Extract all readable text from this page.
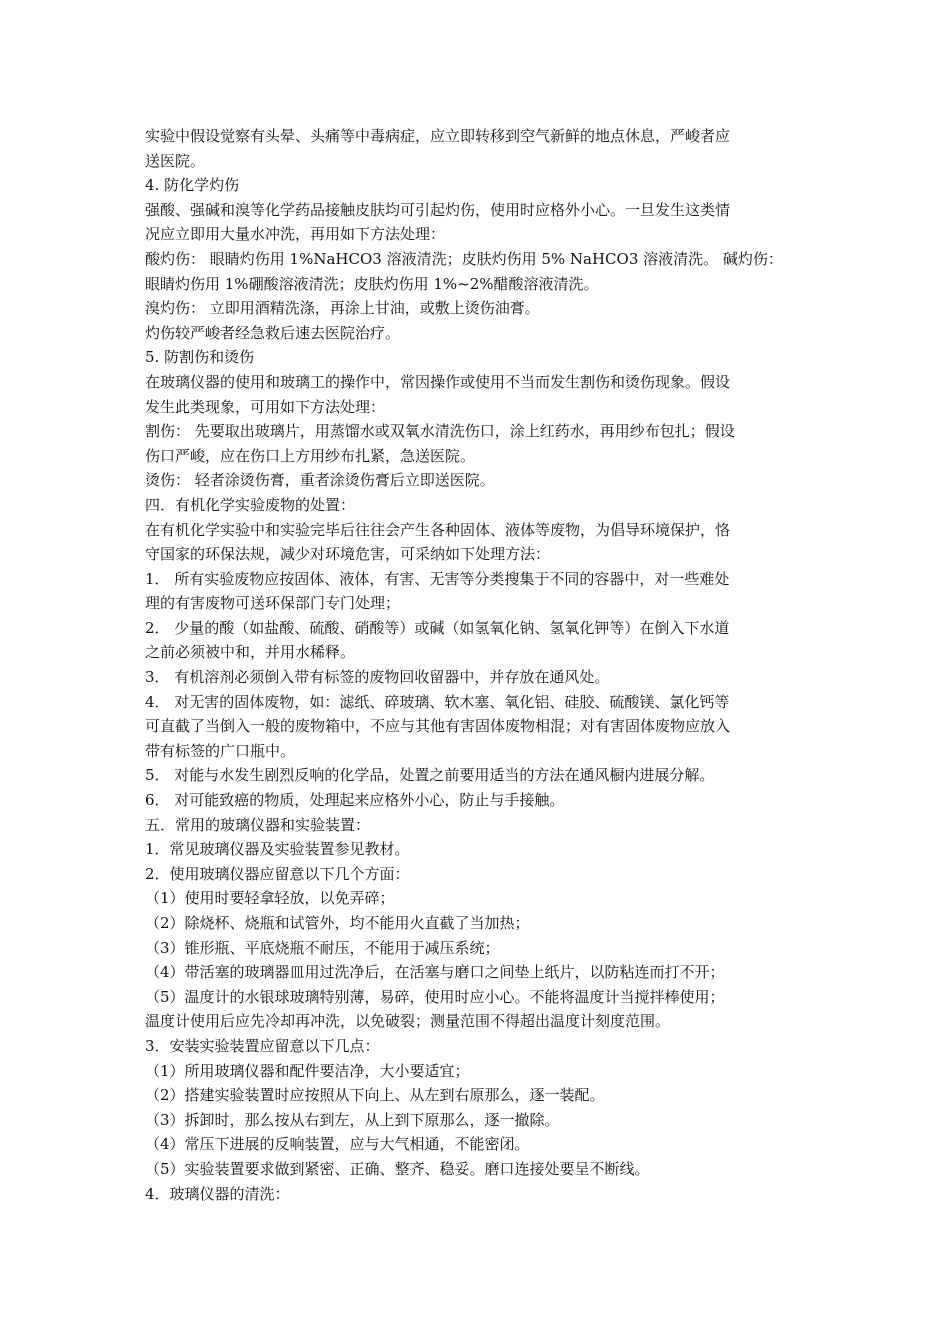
实验中假设觉察有头晕、头痛等中毒病症，应立即转移到空气新鲜的地点休息，严峻者应
送医院。
4. 防化学灼伤
强酸、强碱和溴等化学药品接触皮肤均可引起灼伤，使用时应格外小心。一旦发生这类情
况应立即用大量水冲洗，再用如下方法处理：
酸灼伤： 眼睛灼伤用 1%NaHCO3 溶液清洗；皮肤灼伤用 5% NaHCO3 溶液清洗。 碱灼伤：
眼睛灼伤用 1%硼酸溶液清洗；皮肤灼伤用 1%~2%醋酸溶液清洗。
溴灼伤： 立即用酒精洗涤，再涂上甘油，或敷上烫伤油膏。
灼伤较严峻者经急救后速去医院治疗。
5. 防割伤和烫伤
在玻璃仪器的使用和玻璃工的操作中，常因操作或使用不当而发生割伤和烫伤现象。假设
发生此类现象，可用如下方法处理：
割伤： 先要取出玻璃片，用蒸馏水或双氧水清洗伤口，涂上红药水，再用纱布包扎；假设
伤口严峻，应在伤口上方用纱布扎紧，急送医院。
烫伤： 轻者涂烫伤膏，重者涂烫伤膏后立即送医院。
四．有机化学实验废物的处置：
在有机化学实验中和实验完毕后往往会产生各种固体、液体等废物，为倡导环境保护，恪
守国家的环保法规，减少对环境危害，可采纳如下处理方法：
1． 所有实验废物应按固体、液体，有害、无害等分类搜集于不同的容器中，对一些难处
理的有害废物可送环保部门专门处理；
2． 少量的酸（如盐酸、硫酸、硝酸等）或碱（如氢氧化钠、氢氧化钾等）在倒入下水道
之前必须被中和，并用水稀释。
3． 有机溶剂必须倒入带有标签的废物回收留器中，并存放在通风处。
4． 对无害的固体废物，如：滤纸、碎玻璃、软木塞、氧化铝、硅胶、硫酸镁、氯化钙等
可直截了当倒入一般的废物箱中，不应与其他有害固体废物相混；对有害固体废物应放入
带有标签的广口瓶中。
5． 对能与水发生剧烈反响的化学品，处置之前要用适当的方法在通风橱内进展分解。
6． 对可能致癌的物质，处理起来应格外小心，防止与手接触。
五．常用的玻璃仪器和实验装置：
1．常见玻璃仪器及实验装置参见教材。
2．使用玻璃仪器应留意以下几个方面：
（1）使用时要轻拿轻放，以免弄碎；
（2）除烧杯、烧瓶和试管外，均不能用火直截了当加热；
（3）锥形瓶、平底烧瓶不耐压，不能用于减压系统；
（4）带活塞的玻璃器皿用过洗净后，在活塞与磨口之间垫上纸片，以防粘连而打不开；
（5）温度计的水银球玻璃特别薄，易碎，使用时应小心。不能将温度计当搅拌棒使用；
温度计使用后应先冷却再冲洗，以免破裂；测量范围不得超出温度计刻度范围。
3．安装实验装置应留意以下几点：
（1）所用玻璃仪器和配件要洁净，大小要适宜；
（2）搭建实验装置时应按照从下向上、从左到右原那么，逐一装配。
（3）拆卸时，那么按从右到左，从上到下原那么，逐一撤除。
（4）常压下进展的反响装置，应与大气相通，不能密闭。
（5）实验装置要求做到紧密、正确、整齐、稳妥。磨口连接处要呈不断线。
4．玻璃仪器的清洗：
